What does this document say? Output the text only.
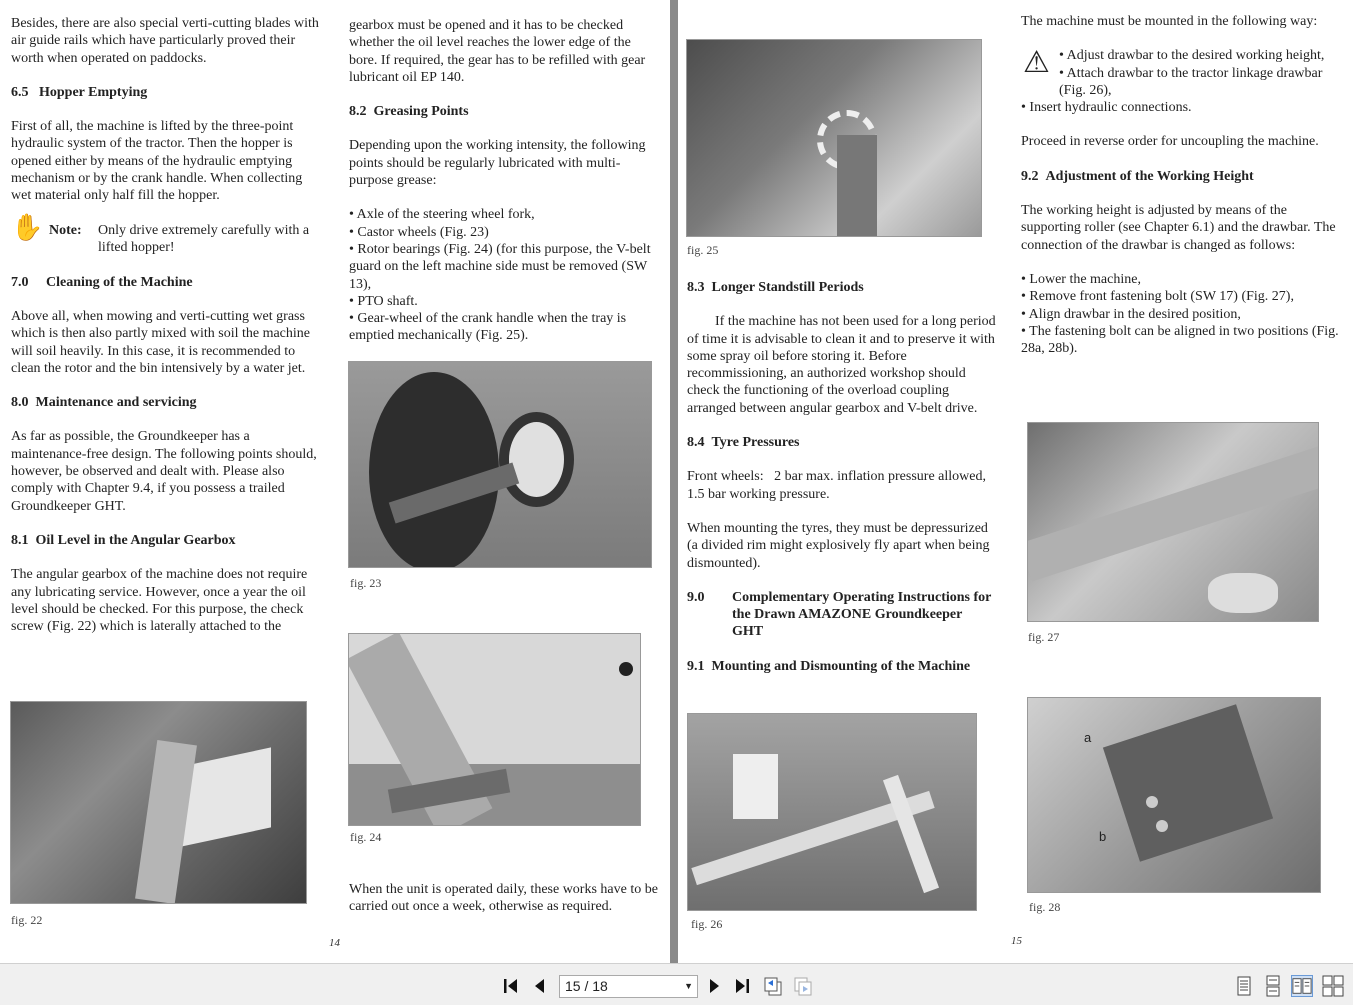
Besides, there are also special verti-cutting blades with air guide rails which have particularly proved their worth when operated on paddocks.
6.5 Hopper Emptying
First of all, the machine is lifted by the three-point hydraulic system of the tractor. Then the hopper is opened either by means of the hydraulic emptying mechanism or by the crank handle. When collecting wet material only half fill the hopper.
✋ Note: Only drive extremely carefully with a lifted hopper!
7.0 Cleaning of the Machine
Above all, when mowing and verti-cutting wet grass which is then also partly mixed with soil the machine will soil heavily. In this case, it is recommended to clean the rotor and the bin intensively by a water jet.
8.0 Maintenance and servicing
As far as possible, the Groundkeeper has a maintenance-free design. The following points should, however, be observed and dealt with. Please also comply with Chapter 9.4, if you possess a trailed Groundkeeper GHT.
8.1 Oil Level in the Angular Gearbox
The angular gearbox of the machine does not require any lubricating service. However, once a year the oil level should be checked. For this purpose, the check screw (Fig. 22) which is laterally attached to the
fig. 22
gearbox must be opened and it has to be checked whether the oil level reaches the lower edge of the bore. If required, the gear has to be refilled with gear lubricant oil EP 140.
8.2 Greasing Points
Depending upon the working intensity, the following points should be regularly lubricated with multi-purpose grease:
• Axle of the steering wheel fork,
• Castor wheels (Fig. 23)
• Rotor bearings (Fig. 24) (for this purpose, the V-belt guard on the left machine side must be removed (SW 13),
• PTO shaft.
• Gear-wheel of the crank handle when the tray is emptied mechanically (Fig. 25).
fig. 23
fig. 24
When the unit is operated daily, these works have to be carried out once a week, otherwise as required.
14
fig. 25
8.3 Longer Standstill Periods
If the machine has not been used for a long period of time it is advisable to clean it and to preserve it with some spray oil before storing it. Before recommissioning, an authorized workshop should check the functioning of the overload coupling arranged between angular gearbox and V-belt drive.
8.4 Tyre Pressures
Front wheels:   2 bar max. inflation pressure allowed, 1.5 bar working pressure.
When mounting the tyres, they must be depressurized (a divided rim might explosively fly apart when being dismounted).
9.0	Complementary Operating Instructions for the Drawn AMAZONE Groundkeeper GHT
9.1 Mounting and Dismounting of the Machine
fig. 26
The machine must be mounted in the following way:
⚠ • Adjust drawbar to the desired working height,
• Attach drawbar to the tractor linkage drawbar (Fig. 26),
• Insert hydraulic connections.
Proceed in reverse order for uncoupling the machine.
9.2 Adjustment of the Working Height
The working height is adjusted by means of the supporting roller (see Chapter 6.1) and the drawbar. The connection of the drawbar is changed as follows:
• Lower the machine,
• Remove front fastening bolt (SW 17) (Fig. 27),
• Align drawbar in the desired position,
• The fastening bolt can be aligned in two positions (Fig. 28a, 28b).
fig. 27
a
b
fig. 28
15
15 / 18	▼
